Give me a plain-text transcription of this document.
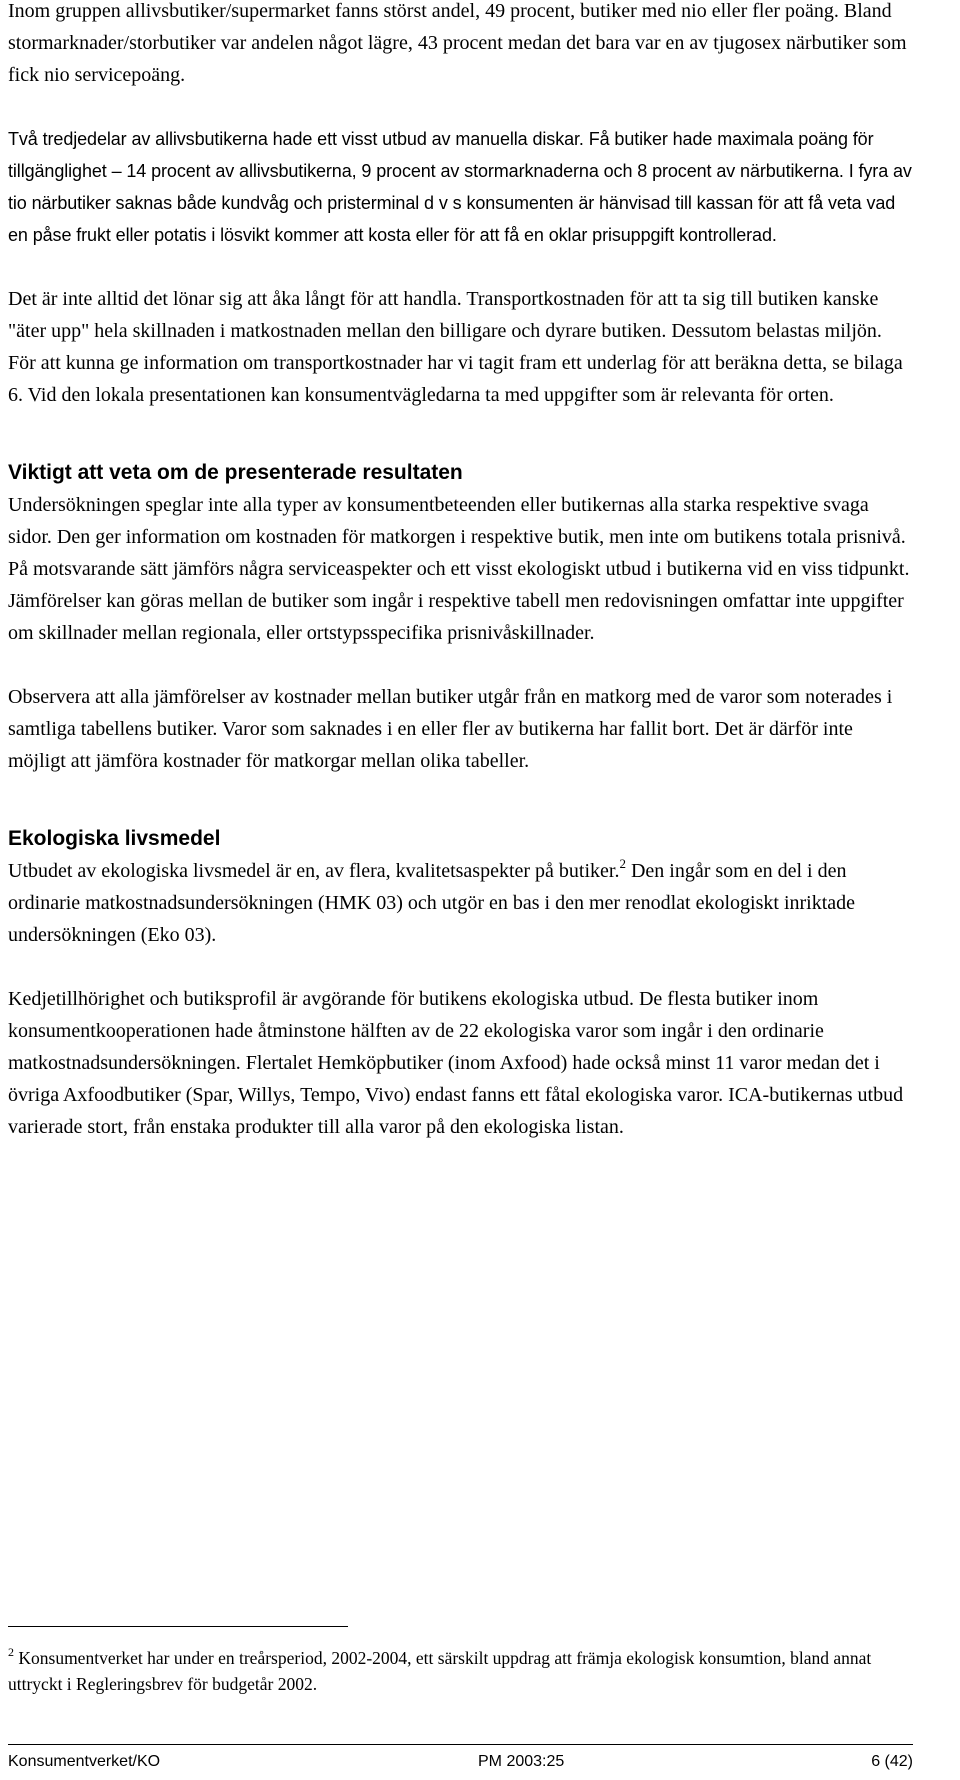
Inom gruppen allivsbutiker/supermarket fanns störst andel, 49 procent, butiker med nio eller fler poäng. Bland stormarknader/storbutiker var andelen något lägre, 43 procent medan det bara var en av tjugosex närbutiker som fick nio servicepoäng.

Två tredjedelar av allivsbutikerna hade ett visst utbud av manuella diskar. Få butiker hade maximala poäng för tillgänglighet – 14 procent av allivsbutikerna, 9 procent av stormarknaderna och 8 procent av närbutikerna. I fyra av tio närbutiker saknas både kundvåg och pristerminal d v s konsumenten är hänvisad till kassan för att få veta vad en påse frukt eller potatis i lösvikt kommer att kosta eller för att få en oklar prisuppgift kontrollerad.

Det är inte alltid det lönar sig att åka långt för att handla. Transportkostnaden för att ta sig till butiken kanske "äter upp" hela skillnaden i matkostnaden mellan den billigare och dyrare butiken. Dessutom belastas miljön. För att kunna ge information om transportkostnader har vi tagit fram ett underlag för att beräkna detta, se bilaga 6. Vid den lokala presentationen kan konsumentvägledarna ta med uppgifter som är relevanta för orten.

Viktigt att veta om de presenterade resultaten

Undersökningen speglar inte alla typer av konsumentbeteenden eller butikernas alla starka respektive svaga sidor. Den ger information om kostnaden för matkorgen i respektive butik, men inte om butikens totala prisnivå. På motsvarande sätt jämförs några serviceaspekter och ett visst ekologiskt utbud i butikerna vid en viss tidpunkt. Jämförelser kan göras mellan de butiker som ingår i respektive tabell men redovisningen omfattar inte uppgifter om skillnader mellan regionala, eller ortstypsspecifika prisnivåskillnader.

Observera att alla jämförelser av kostnader mellan butiker utgår från en matkorg med de varor som noterades i samtliga tabellens butiker. Varor som saknades i en eller fler av butikerna har fallit bort. Det är därför inte möjligt att jämföra kostnader för matkorgar mellan olika tabeller.

Ekologiska livsmedel

Utbudet av ekologiska livsmedel är en, av flera, kvalitetsaspekter på butiker.$^2$ Den ingår som en del i den ordinarie matkostnadsundersökningen (HMK 03) och utgör en bas i den mer renodlat ekologiskt inriktade undersökningen (Eko 03).

Kedjetillhörighet och butiksprofil är avgörande för butikens ekologiska utbud. De flesta butiker inom konsumentkooperationen hade åtminstone hälften av de 22 ekologiska varor som ingår i den ordinarie matkostnadsundersökningen. Flertalet Hemköpbutiker (inom Axfood) hade också minst 11 varor medan det i övriga Axfoodbutiker (Spar, Willys, Tempo, Vivo) endast fanns ett fåtal ekologiska varor. ICA-butikernas utbud varierade stort, från enstaka produkter till alla varor på den ekologiska listan.

$^2$ Konsumentverket har under en treårsperiod, 2002-2004, ett särskilt uppdrag att främja ekologisk konsumtion, bland annat uttryckt i Regleringsbrev för budgetår 2002.
Konsumentverket/KO	PM 2003:25	6 (42)
